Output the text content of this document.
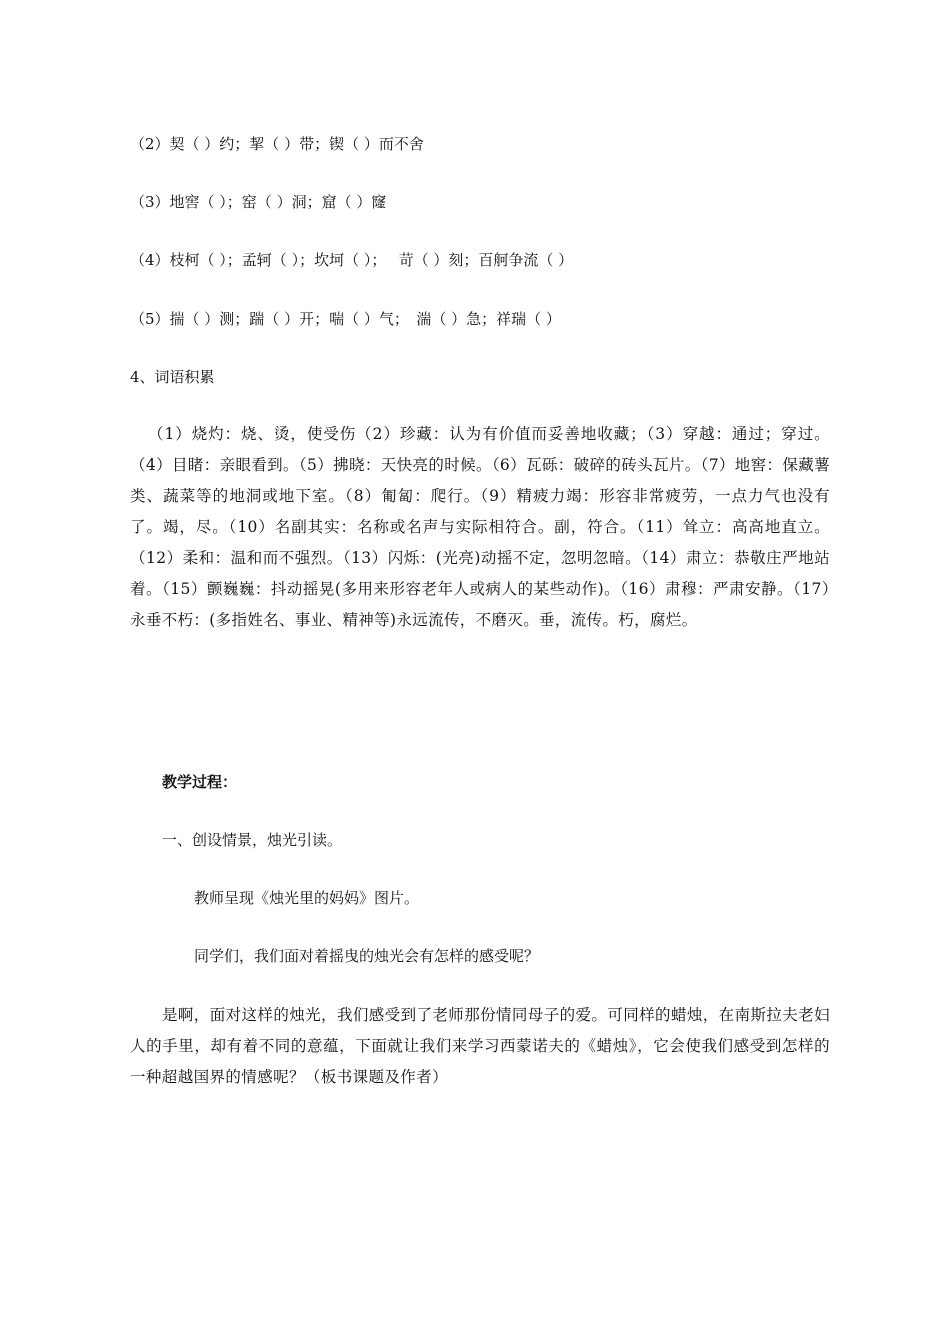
（2）契（ ）约；挈（ ）带；锲（ ）而不舍
（3）地窖（ ）；窑（ ）洞；窟（ ）窿
（4）枝柯（ ）；孟轲（ ）；坎坷（ ）；　 苛（ ）刻；百舸争流（ ）
（5）揣（ ）测；踹（ ）开；喘（ ）气；　湍（ ）急；祥瑞（ ）
4、词语积累
（1）烧灼：烧、烫，使受伤（2）珍藏：认为有价值而妥善地收藏；（3）穿越：通过；穿过。（4）目睹：亲眼看到。（5）拂晓：天快亮的时候。（6）瓦砾：破碎的砖头瓦片。（7）地窖：保藏薯类、蔬菜等的地洞或地下室。（8）匍匐：爬行。（9）精疲力竭：形容非常疲劳，一点力气也没有了。竭，尽。（10）名副其实：名称或名声与实际相符合。副，符合。（11）耸立：高高地直立。（12）柔和：温和而不强烈。（13）闪烁：(光亮)动摇不定，忽明忽暗。（14）肃立：恭敬庄严地站着。（15）颤巍巍：抖动摇晃(多用来形容老年人或病人的某些动作)。（16）肃穆：严肃安静。（17）永垂不朽：(多指姓名、事业、精神等)永远流传，不磨灭。垂，流传。朽，腐烂。
教学过程：
一、创设情景，烛光引读。
教师呈现《烛光里的妈妈》图片。
同学们，我们面对着摇曳的烛光会有怎样的感受呢？
是啊，面对这样的烛光，我们感受到了老师那份情同母子的爱。可同样的蜡烛，在南斯拉夫老妇人的手里，却有着不同的意蕴，下面就让我们来学习西蒙诺夫的《蜡烛》，它会使我们感受到怎样的一种超越国界的情感呢？（板书课题及作者）
